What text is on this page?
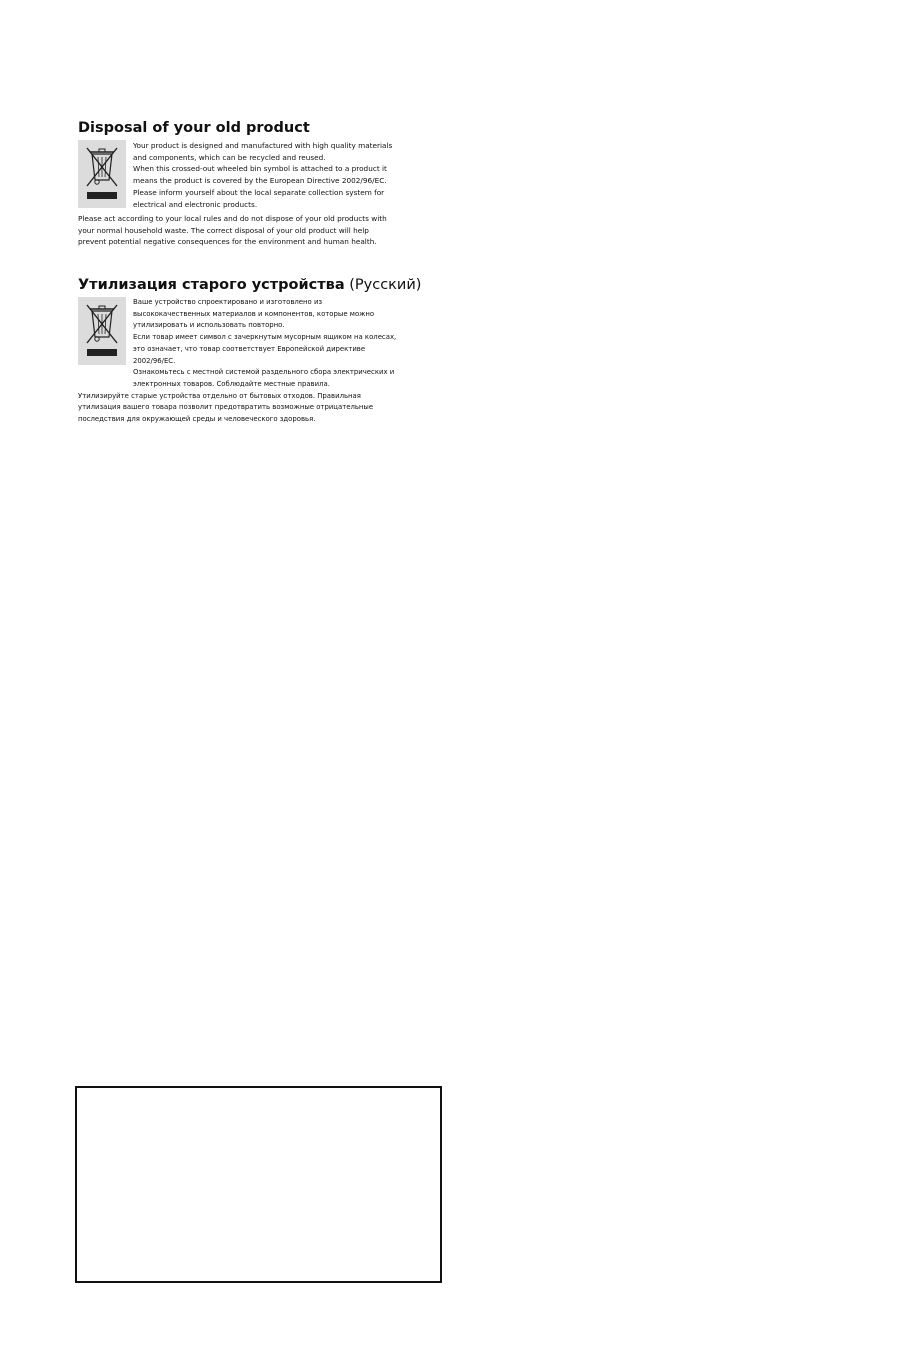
Disposal of your old product
Your product is designed and manufactured with high quality materials
and components, which can be recycled and reused.
When this crossed-out wheeled bin symbol is attached to a product it
means the product is covered by the European Directive 2002/96/EC.
Please inform yourself about the local separate collection system for
electrical and electronic products.
Please act according to your local rules and do not dispose of your old products with
your normal household waste. The correct disposal of your old product will help
prevent potential negative consequences for the environment and human health.
Утилизация старого устройства (Русский)
Ваше устройство спроектировано и изготовлено из
высококачественных материалов и компонентов, которые можно
утилизировать и использовать повторно.
Если товар имеет символ с зачеркнутым мусорным ящиком на колесах,
это означает, что товар соответствует Европейской директиве
2002/96/EC.
Ознакомьтесь с местной системой раздельного сбора электрических и
электронных товаров. Соблюдайте местные правила.
Утилизируйте старые устройства отдельно от бытовых отходов. Правильная
утилизация вашего товара позволит предотвратить возможные отрицательные
последствия для окружающей среды и человеческого здоровья.
